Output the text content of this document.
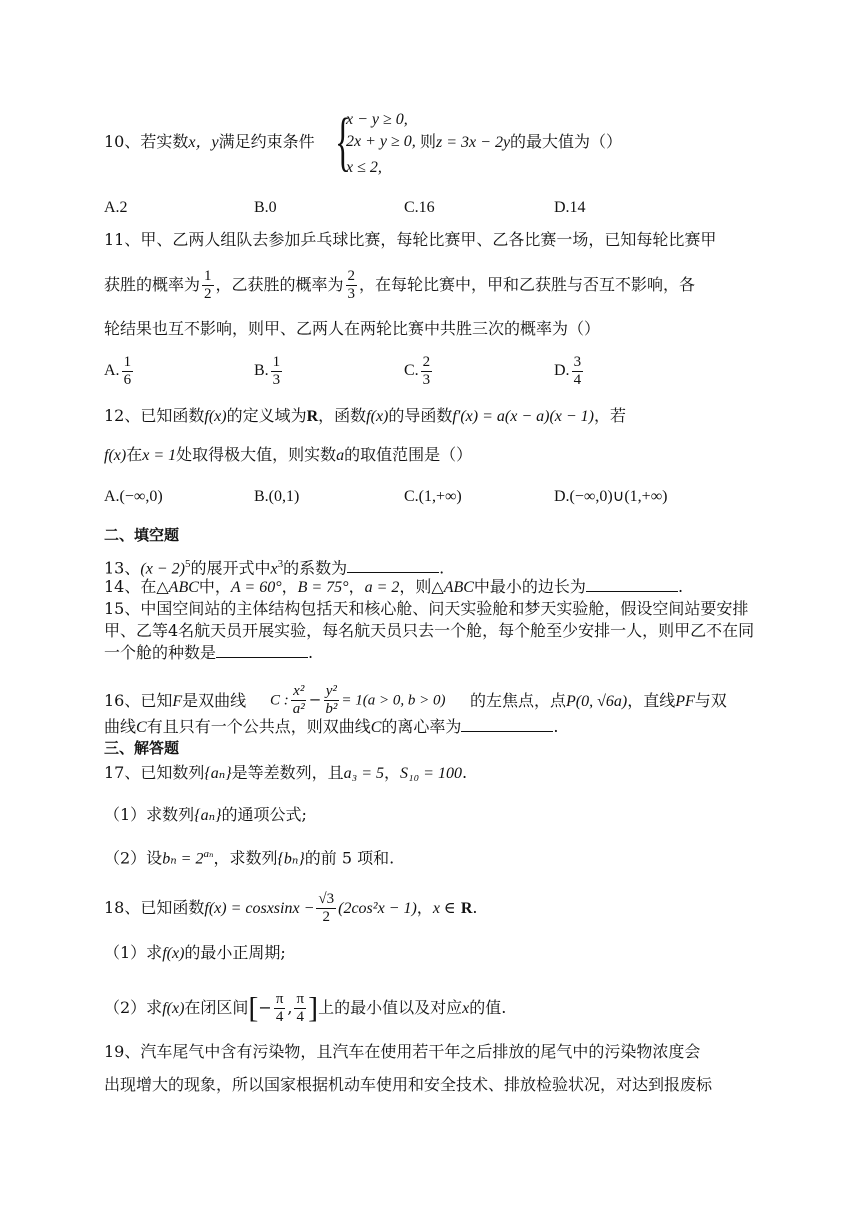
10、若实数x，y满足约束条件 {
x − y ≥ 0,
2x + y ≥ 0,
x ≤ 2,
则z = 3x − 2y的最大值为（）
A.2	B.0	C.16	D.14
11、甲、乙两人组队去参加乒乓球比赛，每轮比赛甲、乙各比赛一场，已知每轮比赛甲
获胜的概率为 $\frac{1}{2}$ ，乙获胜的概率为 $\frac{2}{3}$ ，在每轮比赛中，甲和乙获胜与否互不影响，各
轮结果也互不影响，则甲、乙两人在两轮比赛中共胜三次的概率为（）
A. $\frac{1}{6}$	B. $\frac{1}{3}$	C. $\frac{2}{3}$	D. $\frac{3}{4}$
12、已知函数f(x)的定义域为R，函数f(x)的导函数f′(x) = a(x − a)(x − 1)，若
f(x)在x = 1处取得极大值，则实数a的取值范围是（）
A.(−∞,0)	B.(0,1)	C.(1,+∞)	D.(−∞,0)∪(1,+∞)
二、填空题
13、$(x - 2)^5$的展开式中$x^3$的系数为	.
14、在△ABC中，A = 60°，B = 75°，a = 2，则△ABC中最小的边长为	.
15、中国空间站的主体结构包括天和核心舱、问天实验舱和梦天实验舱，假设空间站要安排甲、乙等4名航天员开展实验，每名航天员只去一个舱，每个舱至少安排一人，则甲乙不在同一个舱的种数是	.
16、已知F是双曲线 C : $\frac{\text{x²}}{\text{a²}} - \frac{\text{y²}}{\text{b²}} = 1(a > 0$, b > 0) 的左焦点，点P(0, √6a)，直线PF与双
曲线C有且只有一个公共点，则双曲线C的离心率为	.
三、解答题
17、已知数列{aₙ}是等差数列，且a₃ = 5，S₁₀ = 100.
（1）求数列{aₙ}的通项公式;
（2）设$b_n = 2^{a_n}$，求数列{bₙ}的前 5 项和.
18、已知函数f(x) = cosxsinx − $\frac{√3}{2} (2\cos^2x - 1)$，x ∈ R.
（1）求f(x)的最小正周期;
（2）求f(x)在闭区间[− $\frac{\pi}{4}$ , $\frac{\pi}{4}$ ]上的最小值以及对应x的值.
19、汽车尾气中含有污染物，且汽车在使用若干年之后排放的尾气中的污染物浓度会
出现增大的现象，所以国家根据机动车使用和安全技术、排放检验状况，对达到报废标
